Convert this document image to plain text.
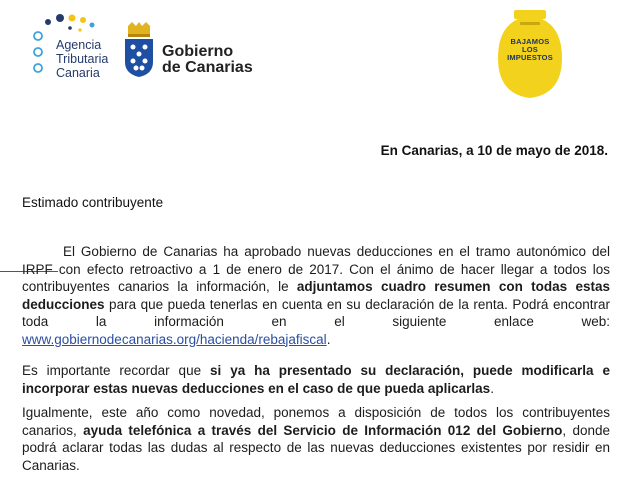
Agencia
Tributaria
Canaria
Gobierno
de Canarias
BAJAMOS
LOS
IMPUESTOS
En Canarias, a 10 de mayo de 2018.
Estimado contribuyente
El Gobierno de Canarias ha aprobado nuevas deducciones en el tramo autonómico del IRPF con efecto retroactivo a 1 de enero de 2017. Con el ánimo de hacer llegar a todos los contribuyentes canarios la información, le adjuntamos cuadro resumen con todas estas deducciones para que pueda tenerlas en cuenta en su declaración de la renta. Podrá encontrar toda la información en el siguiente enlace web: www.gobiernodecanarias.org/hacienda/rebajafiscal.
Es importante recordar que si ya ha presentado su declaración, puede modificarla e incorporar estas nuevas deducciones en el caso de que pueda aplicarlas.
Igualmente, este año como novedad, ponemos a disposición de todos los contribuyentes canarios, ayuda telefónica a través del Servicio de Información 012 del Gobierno, donde podrá aclarar todas las dudas al respecto de las nuevas deducciones existentes por residir en Canarias.
